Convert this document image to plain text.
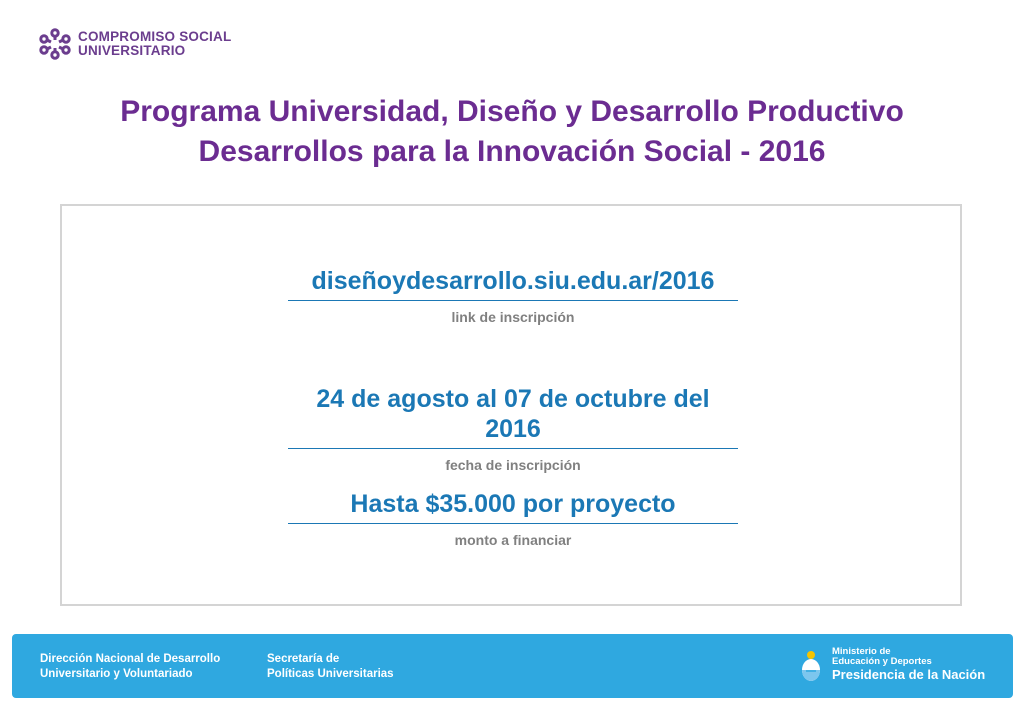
COMPROMISO SOCIAL
UNIVERSITARIO
Programa Universidad, Diseño y Desarrollo Productivo
Desarrollos para la Innovación Social - 2016
diseñoydesarrollo.siu.edu.ar/2016
link de inscripción
24 de agosto al 07 de octubre del 2016
fecha de inscripción
Hasta $35.000 por proyecto
monto a financiar
Dirección Nacional de Desarrollo
Universitario y Voluntariado
Secretaría de
Políticas Universitarias
Ministerio de
Educación y Deportes
Presidencia de la Nación
